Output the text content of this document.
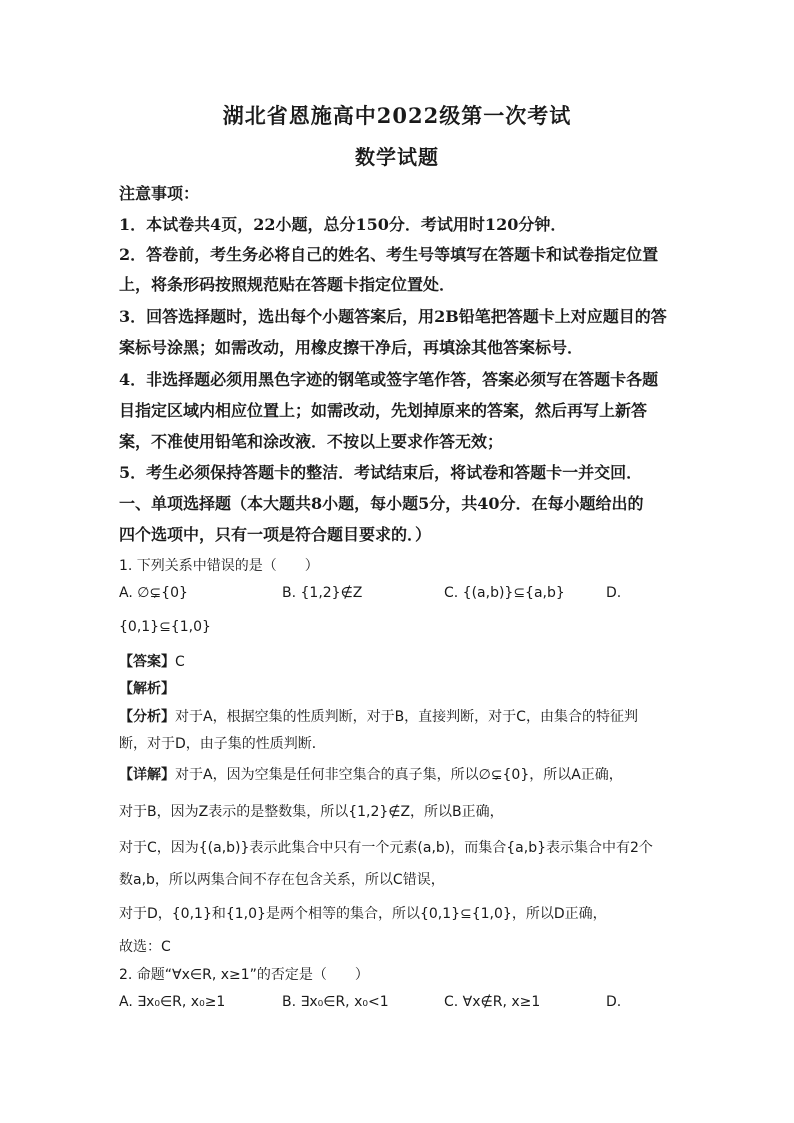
湖北省恩施高中2022级第一次考试
数学试题
注意事项：
1．本试卷共4页，22小题，总分150分．考试用时120分钟．
2．答卷前，考生务必将自己的姓名、考生号等填写在答题卡和试卷指定位置
上，将条形码按照规范贴在答题卡指定位置处．
3．回答选择题时，选出每个小题答案后，用2B铅笔把答题卡上对应题目的答
案标号涂黑；如需改动，用橡皮擦干净后，再填涂其他答案标号．
4．非选择题必须用黑色字迹的钢笔或签字笔作答，答案必须写在答题卡各题
目指定区域内相应位置上；如需改动，先划掉原来的答案，然后再写上新答
案，不准使用铅笔和涂改液．不按以上要求作答无效；
5．考生必须保持答题卡的整洁．考试结束后，将试卷和答题卡一并交回．
一、单项选择题（本大题共8小题，每小题5分，共40分．在每小题给出的
四个选项中，只有一项是符合题目要求的．）
1. 下列关系中错误的是（　　）
A. ∅⊊{0}	B. {1,2}∉Z	C. {(a,b)}⊆{a,b}	D.
{0,1}⊆{1,0}
【答案】C
【解析】
【分析】对于A，根据空集的性质判断，对于B，直接判断，对于C，由集合的特征判
断，对于D，由子集的性质判断．
【详解】对于A，因为空集是任何非空集合的真子集，所以∅⊊{0}，所以A正确，
对于B，因为Z表示的是整数集，所以{1,2}∉Z，所以B正确，
对于C，因为{(a,b)}表示此集合中只有一个元素(a,b)，而集合{a,b}表示集合中有2个
数a,b，所以两集合间不存在包含关系，所以C错误，
对于D，{0,1}和{1,0}是两个相等的集合，所以{0,1}⊆{1,0}，所以D正确，
故选：C
2. 命题“∀x∈R, x≥1”的否定是（　　）
A. ∃x₀∈R, x₀≥1	B. ∃x₀∈R, x₀<1	C. ∀x∉R, x≥1	D.
